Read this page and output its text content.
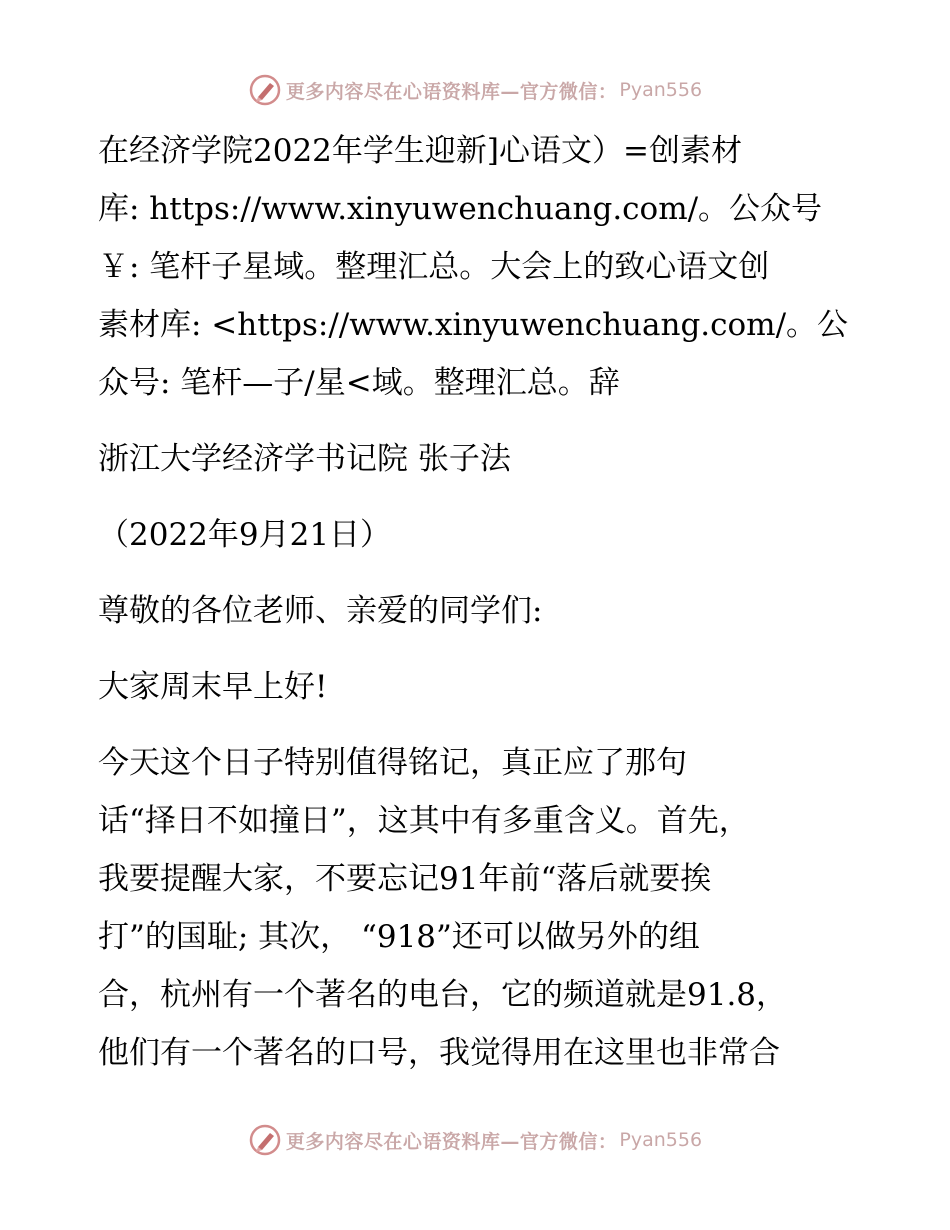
更多内容尽在心语资料库—官方微信： Pyan556
在经济学院2022年学生迎新]心语文）=创素材
库: https://www.xinyuwenchuang.com/。公众号
￥: 笔杆子星域。整理汇总。大会上的致心语文创
素材库: <https://www.xinyuwenchuang.com/。公
众号: 笔杆—子/星<域。整理汇总。辞
浙江大学经济学书记院 张子法
（2022年9月21日）
尊敬的各位老师、亲爱的同学们:
大家周末早上好!
今天这个日子特别值得铭记，真正应了那句
话“择日不如撞日”，这其中有多重含义。首先，
我要提醒大家，不要忘记91年前“落后就要挨
打”的国耻; 其次， “918”还可以做另外的组
合，杭州有一个著名的电台，它的频道就是91.8，
他们有一个著名的口号，我觉得用在这里也非常合
更多内容尽在心语资料库—官方微信： Pyan556
